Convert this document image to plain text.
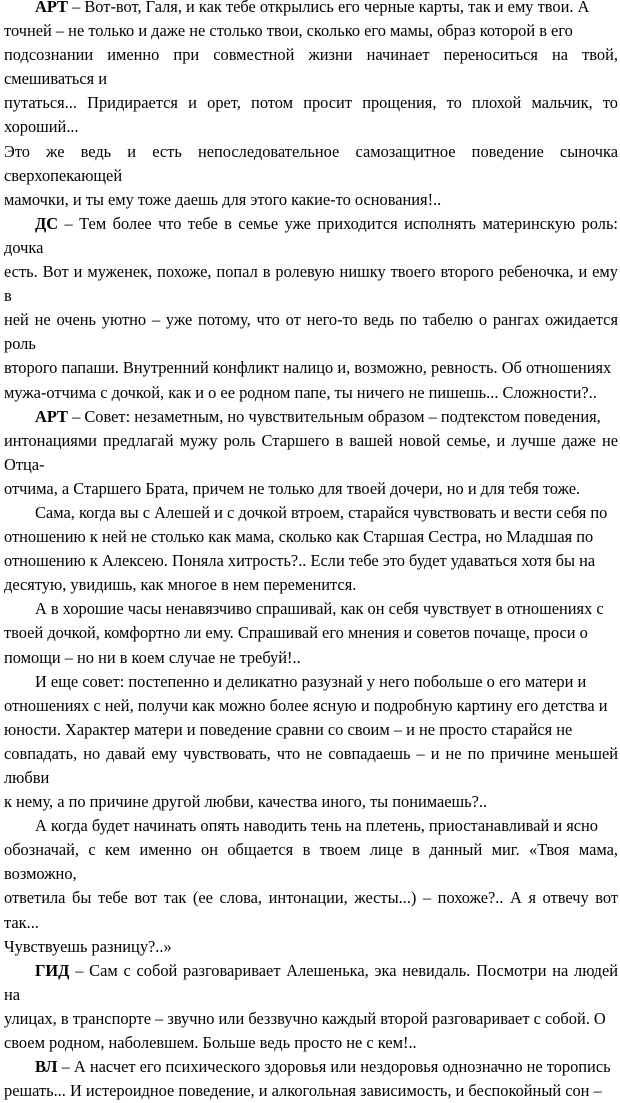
АРТ – Вот-вот, Галя, и как тебе открылись его черные карты, так и ему твои. А
точней – не только и даже не столько твои, сколько его мамы, образ которой в его
подсознании именно при совместной жизни начинает переноситься на твой, смешиваться и
путаться... Придирается и орет, потом просит прощения, то плохой мальчик, то хороший...
Это же ведь и есть непоследовательное самозащитное поведение сыночка сверхопекающей
мамочки, и ты ему тоже даешь для этого какие-то основания!..

ДС – Тем более что тебе в семье уже приходится исполнять материнскую роль: дочка
есть. Вот и муженек, похоже, попал в ролевую нишку твоего второго ребеночка, и ему в
ней не очень уютно – уже потому, что от него-то ведь по табелю о рангах ожидается роль
второго папаши. Внутренний конфликт налицо и, возможно, ревность. Об отношениях
мужа-отчима с дочкой, как и о ее родном папе, ты ничего не пишешь... Сложности?..

АРТ – Совет: незаметным, но чувствительным образом – подтекстом поведения,
интонациями предлагай мужу роль Старшего в вашей новой семье, и лучше даже не Отца-
отчима, а Старшего Брата, причем не только для твоей дочери, но и для тебя тоже.

Сама, когда вы с Алешей и с дочкой втроем, старайся чувствовать и вести себя по
отношению к ней не столько как мама, сколько как Старшая Сестра, но Младшая по
отношению к Алексею. Поняла хитрость?.. Если тебе это будет удаваться хотя бы на
десятую, увидишь, как многое в нем переменится.

А в хорошие часы ненавязчиво спрашивай, как он себя чувствует в отношениях с
твоей дочкой, комфортно ли ему. Спрашивай его мнения и советов почаще, проси о
помощи – но ни в коем случае не требуй!..

И еще совет: постепенно и деликатно разузнай у него побольше о его матери и
отношениях с ней, получи как можно более ясную и подробную картину его детства и
юности. Характер матери и поведение сравни со своим – и не просто старайся не
совпадать, но давай ему чувствовать, что не совпадаешь – и не по причине меньшей любви
к нему, а по причине другой любви, качества иного, ты понимаешь?..

А когда будет начинать опять наводить тень на плетень, приостанавливай и ясно
обозначай, с кем именно он общается в твоем лице в данный миг. «Твоя мама, возможно,
ответила бы тебе вот так (ее слова, интонации, жесты...) – похоже?.. А я отвечу вот так...
Чувствуешь разницу?..»

ГИД – Сам с собой разговаривает Алешенька, эка невидаль. Посмотри на людей на
улицах, в транспорте – звучно или беззвучно каждый второй разговаривает с собой. О
своем родном, наболевшем. Больше ведь просто не с кем!..

ВЛ – А насчет его психического здоровья или нездоровья однозначно не торопись
решать... И истероидное поведение, и алкогольная зависимость, и беспокойный сон –
